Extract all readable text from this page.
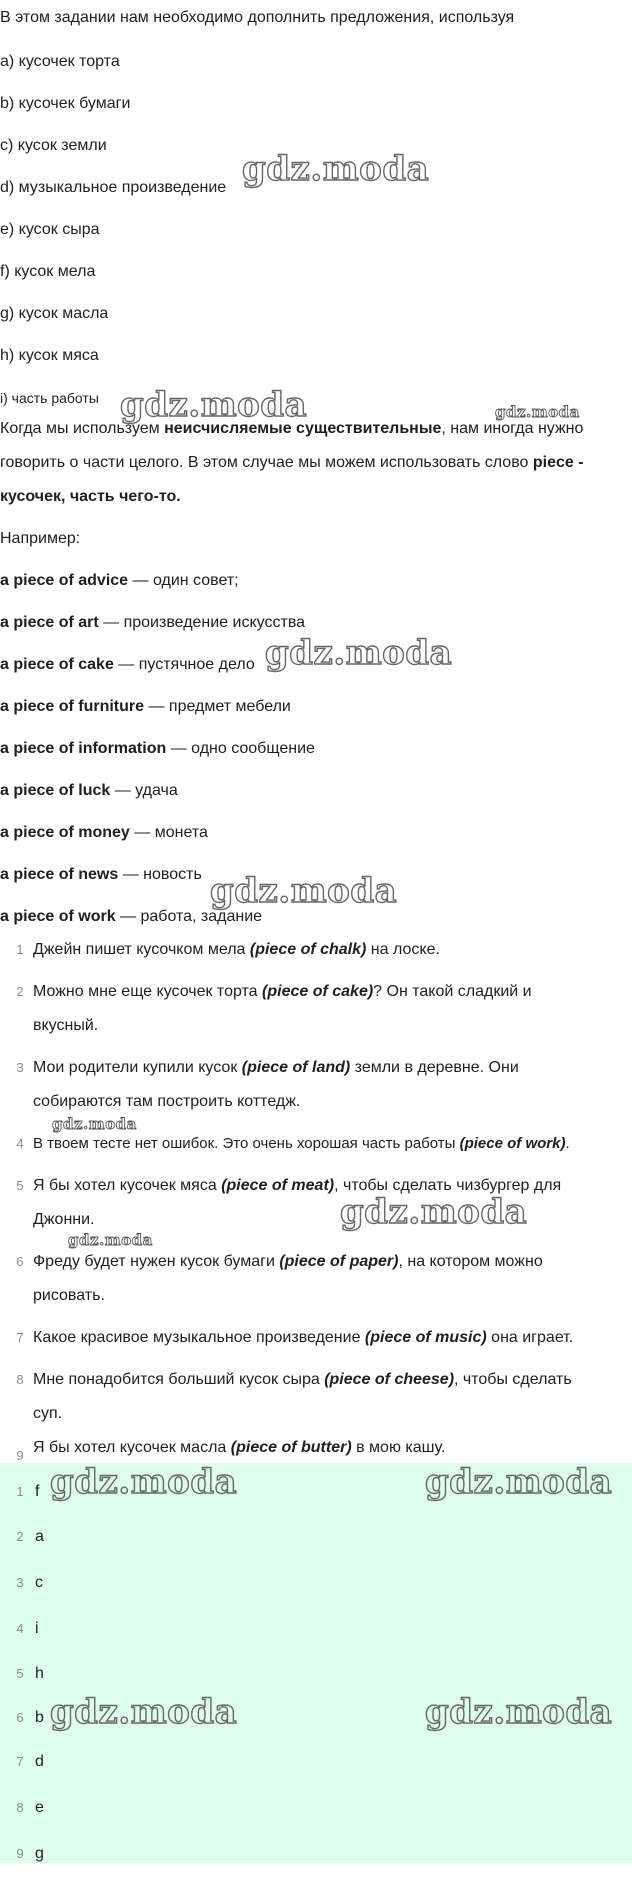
В этом задании нам необходимо дополнить предложения, используя
a) кусочек торта
b) кусочек бумаги
c) кусок земли
d) музыкальное произведение
e) кусок сыра
f) кусок мела
g) кусок масла
h) кусок мяса
i) часть работы
Когда мы используем неисчисляемые существительные, нам иногда нужно
говорить о части целого. В этом случае мы можем использовать слово piece -
кусочек, часть чего-то.
Например:
a piece of advice — один совет;
a piece of art — произведение искусства
a piece of cake — пустячное дело
a piece of furniture — предмет мебели
a piece of information — одно сообщение
a piece of luck — удача
a piece of money — монета
a piece of news — новость
a piece of work — работа, задание
1 Джейн пишет кусочком мела (piece of chalk) на лоске.
2 Можно мне еще кусочек торта (piece of cake)? Он такой сладкий и
вкусный.
3 Мои родители купили кусок (piece of land) земли в деревне. Они
собираются там построить коттедж.
4 В твоем тесте нет ошибок. Это очень хорошая часть работы (piece of work).
5 Я бы хотел кусочек мяса (piece of meat), чтобы сделать чизбургер для
Джонни.
6 Фреду будет нужен кусок бумаги (piece of paper), на котором можно
рисовать.
7 Какое красивое музыкальное произведение (piece of music) она играет.
8 Мне понадобится больший кусок сыра (piece of cheese), чтобы сделать
суп.
9 Я бы хотел кусочек масла (piece of butter) в мою кашу.
1 f
2 a
3 c
4 i
5 h
6 b
7 d
8 e
9 g
gdz.moda
gdz.moda	gdz.moda
gdz.moda
gdz.moda
gdz.moda
gdz.moda
gdz.moda
gdz.moda	gdz.moda
gdz.moda	gdz.moda
